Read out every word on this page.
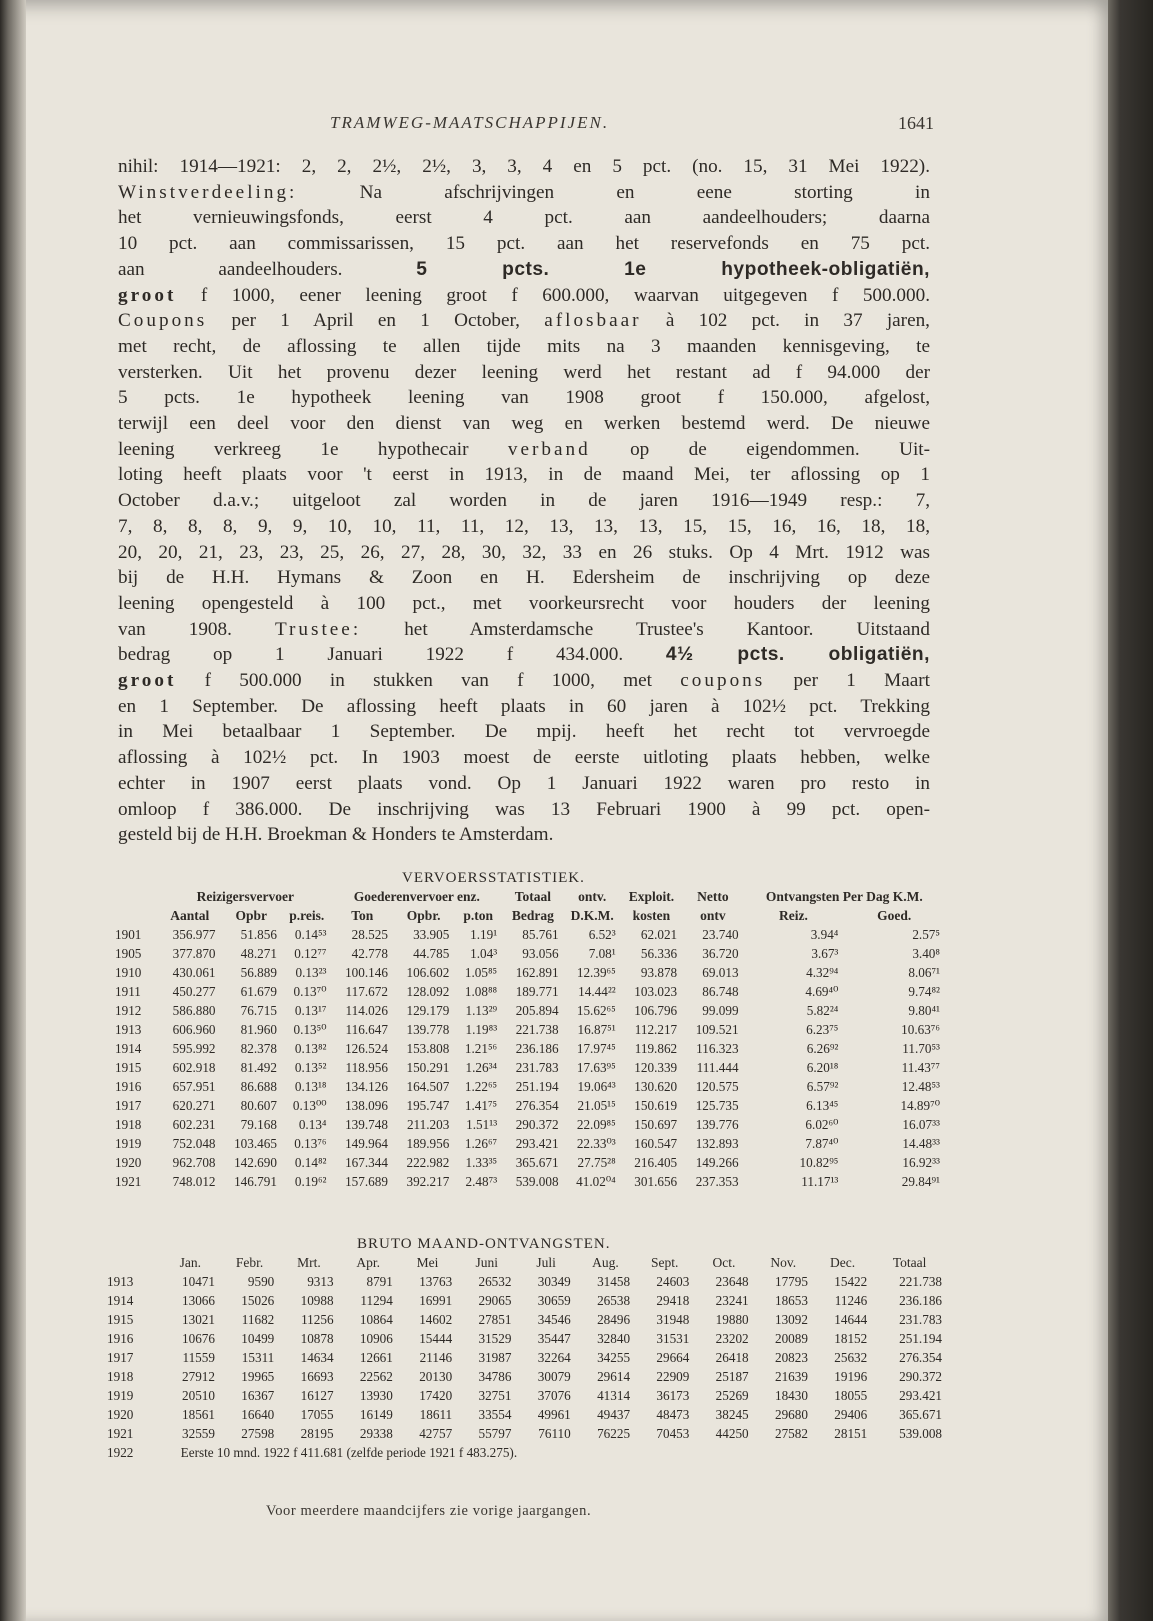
TRAMWEG-MAATSCHAPPIJEN.	1641
nihil: 1914—1921: 2, 2, 2½, 2½, 3, 3, 4 en 5 pct. (no. 15, 31 Mei 1922).
Winstverdeeling: Na afschrijvingen en eene storting in
het vernieuwingsfonds, eerst 4 pct. aan aandeelhouders; daarna
10 pct. aan commissarissen, 15 pct. aan het reservefonds en 75 pct.
aan aandeelhouders. 5 pcts. 1e hypotheek-obligatiën,
groot f 1000, eener leening groot f 600.000, waarvan uitgegeven f 500.000.
Coupons per 1 April en 1 October, aflosbaar à 102 pct. in 37 jaren,
met recht, de aflossing te allen tijde mits na 3 maanden kennisgeving, te
versterken. Uit het provenu dezer leening werd het restant ad f 94.000 der
5 pcts. 1e hypotheek leening van 1908 groot f 150.000, afgelost,
terwijl een deel voor den dienst van weg en werken bestemd werd. De nieuwe
leening verkreeg 1e hypothecair verband op de eigendommen. Uit-
loting heeft plaats voor 't eerst in 1913, in de maand Mei, ter aflossing op 1
October d.a.v.; uitgeloot zal worden in de jaren 1916—1949 resp.: 7,
7, 8, 8, 8, 9, 9, 10, 10, 11, 11, 12, 13, 13, 13, 15, 15, 16, 16, 18, 18,
20, 20, 21, 23, 23, 25, 26, 27, 28, 30, 32, 33 en 26 stuks. Op 4 Mrt. 1912 was
bij de H.H. Hymans & Zoon en H. Edersheim de inschrijving op deze
leening opengesteld à 100 pct., met voorkeursrecht voor houders der leening
van 1908. Trustee: het Amsterdamsche Trustee's Kantoor. Uitstaand
bedrag op 1 Januari 1922 f 434.000. 4½ pcts. obligatiën,
groot f 500.000 in stukken van f 1000, met coupons per 1 Maart
en 1 September. De aflossing heeft plaats in 60 jaren à 102½ pct. Trekking
in Mei betaalbaar 1 September. De mpij. heeft het recht tot vervroegde
aflossing à 102½ pct. In 1903 moest de eerste uitloting plaats hebben, welke
echter in 1907 eerst plaats vond. Op 1 Januari 1922 waren pro resto in
omloop f 386.000. De inschrijving was 13 Februari 1900 à 99 pct. open-
gesteld bij de H.H. Broekman & Honders te Amsterdam.
VERVOERSSTATISTIEK.
	Reizigersvervoer			Goederenvervoer enz.			Totaal	ontv.	Exploit.	Netto	Ontvangsten Per Dag K.M.	
	Aantal	Opbr	p.reis.	Ton	Opbr.	p.ton	Bedrag	D.K.M.	kosten	ontv	Reiz.	Goed.
1901	356.977	51.856	0.14⁵³	28.525	33.905	1.19¹	85.761	6.52³	62.021	23.740	3.94⁴	2.57⁵
1905	377.870	48.271	0.12⁷⁷	42.778	44.785	1.04³	93.056	7.08¹	56.336	36.720	3.67³	3.40⁸
1910	430.061	56.889	0.13²³	100.146	106.602	1.05⁸⁵	162.891	12.39⁶⁵	93.878	69.013	4.32⁹⁴	8.06⁷¹
1911	450.277	61.679	0.13⁷⁰	117.672	128.092	1.08⁸⁸	189.771	14.44²²	103.023	86.748	4.69⁴⁰	9.74⁸²
1912	586.880	76.715	0.13¹⁷	114.026	129.179	1.13²⁹	205.894	15.62⁶⁵	106.796	99.099	5.82²⁴	9.80⁴¹
1913	606.960	81.960	0.13⁵⁰	116.647	139.778	1.19⁸³	221.738	16.87⁵¹	112.217	109.521	6.23⁷⁵	10.63⁷⁶
1914	595.992	82.378	0.13⁸²	126.524	153.808	1.21⁵⁶	236.186	17.97⁴⁵	119.862	116.323	6.26⁹²	11.70⁵³
1915	602.918	81.492	0.13⁵²	118.956	150.291	1.26³⁴	231.783	17.63⁹⁵	120.339	111.444	6.20¹⁸	11.43⁷⁷
1916	657.951	86.688	0.13¹⁸	134.126	164.507	1.22⁶⁵	251.194	19.06⁴³	130.620	120.575	6.57⁹²	12.48⁵³
1917	620.271	80.607	0.13⁰⁰	138.096	195.747	1.41⁷⁵	276.354	21.05¹⁵	150.619	125.735	6.13⁴⁵	14.89⁷⁰
1918	602.231	79.168	0.13⁴	139.748	211.203	1.51¹³	290.372	22.09⁸⁵	150.697	139.776	6.02⁶⁰	16.07³³
1919	752.048	103.465	0.13⁷⁶	149.964	189.956	1.26⁶⁷	293.421	22.33⁰³	160.547	132.893	7.87⁴⁰	14.48³³
1920	962.708	142.690	0.14⁸²	167.344	222.982	1.33³⁵	365.671	27.75²⁸	216.405	149.266	10.82⁹⁵	16.92³³
1921	748.012	146.791	0.19⁶²	157.689	392.217	2.48⁷³	539.008	41.02⁰⁴	301.656	237.353	11.17¹³	29.84⁹¹
BRUTO MAAND-ONTVANGSTEN.
	Jan.	Febr.	Mrt.	Apr.	Mei	Juni	Juli	Aug.	Sept.	Oct.	Nov.	Dec.	Totaal
1913	10471	9590	9313	8791	13763	26532	30349	31458	24603	23648	17795	15422	221.738
1914	13066	15026	10988	11294	16991	29065	30659	26538	29418	23241	18653	11246	236.186
1915	13021	11682	11256	10864	14602	27851	34546	28496	31948	19880	13092	14644	231.783
1916	10676	10499	10878	10906	15444	31529	35447	32840	31531	23202	20089	18152	251.194
1917	11559	15311	14634	12661	21146	31987	32264	34255	29664	26418	20823	25632	276.354
1918	27912	19965	16693	22562	20130	34786	30079	29614	22909	25187	21639	19196	290.372
1919	20510	16367	16127	13930	17420	32751	37076	41314	36173	25269	18430	18055	293.421
1920	18561	16640	17055	16149	18611	33554	49961	49437	48473	38245	29680	29406	365.671
1921	32559	27598	28195	29338	42757	55797	76110	76225	70453	44250	27582	28151	539.008
1922	Eerste 10 mnd. 1922 f 411.681 (zelfde periode 1921 f 483.275).												
Voor meerdere maandcijfers zie vorige jaargangen.
